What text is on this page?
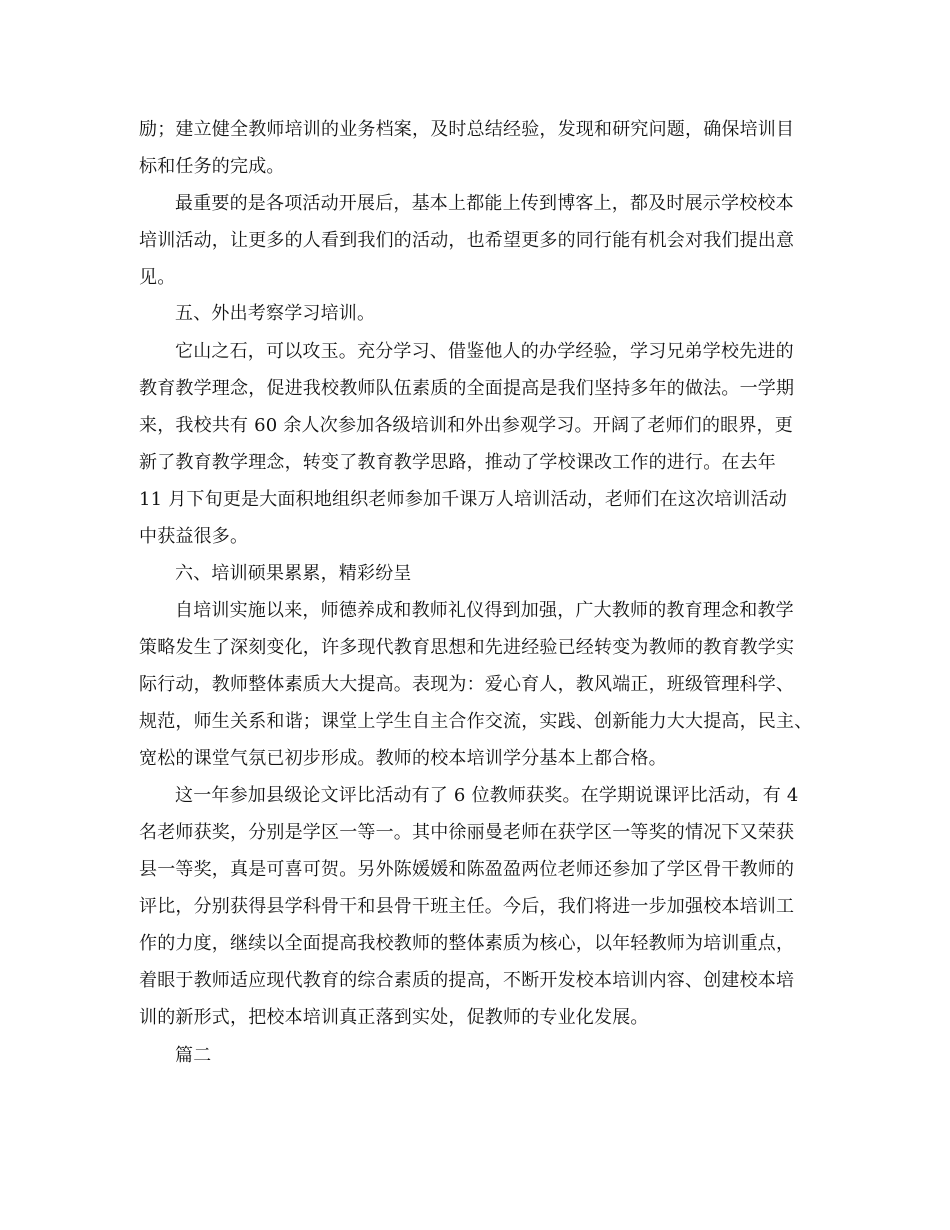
励；建立健全教师培训的业务档案，及时总结经验，发现和研究问题，确保培训目
标和任务的完成。
最重要的是各项活动开展后，基本上都能上传到博客上，都及时展示学校校本
培训活动，让更多的人看到我们的活动，也希望更多的同行能有机会对我们提出意
见。
五、外出考察学习培训。
它山之石，可以攻玉。充分学习、借鉴他人的办学经验，学习兄弟学校先进的
教育教学理念，促进我校教师队伍素质的全面提高是我们坚持多年的做法。一学期
来，我校共有 60 余人次参加各级培训和外出参观学习。开阔了老师们的眼界，更
新了教育教学理念，转变了教育教学思路，推动了学校课改工作的进行。在去年
11 月下旬更是大面积地组织老师参加千课万人培训活动，老师们在这次培训活动
中获益很多。
六、培训硕果累累，精彩纷呈
自培训实施以来，师德养成和教师礼仪得到加强，广大教师的教育理念和教学
策略发生了深刻变化，许多现代教育思想和先进经验已经转变为教师的教育教学实
际行动，教师整体素质大大提高。表现为：爱心育人，教风端正，班级管理科学、
规范，师生关系和谐；课堂上学生自主合作交流，实践、创新能力大大提高，民主、
宽松的课堂气氛已初步形成。教师的校本培训学分基本上都合格。
这一年参加县级论文评比活动有了 6 位教师获奖。在学期说课评比活动，有 4
名老师获奖，分别是学区一等一。其中徐丽曼老师在获学区一等奖的情况下又荣获
县一等奖，真是可喜可贺。另外陈媛媛和陈盈盈两位老师还参加了学区骨干教师的
评比，分别获得县学科骨干和县骨干班主任。今后，我们将进一步加强校本培训工
作的力度，继续以全面提高我校教师的整体素质为核心，以年轻教师为培训重点，
着眼于教师适应现代教育的综合素质的提高，不断开发校本培训内容、创建校本培
训的新形式，把校本培训真正落到实处，促教师的专业化发展。
篇二
